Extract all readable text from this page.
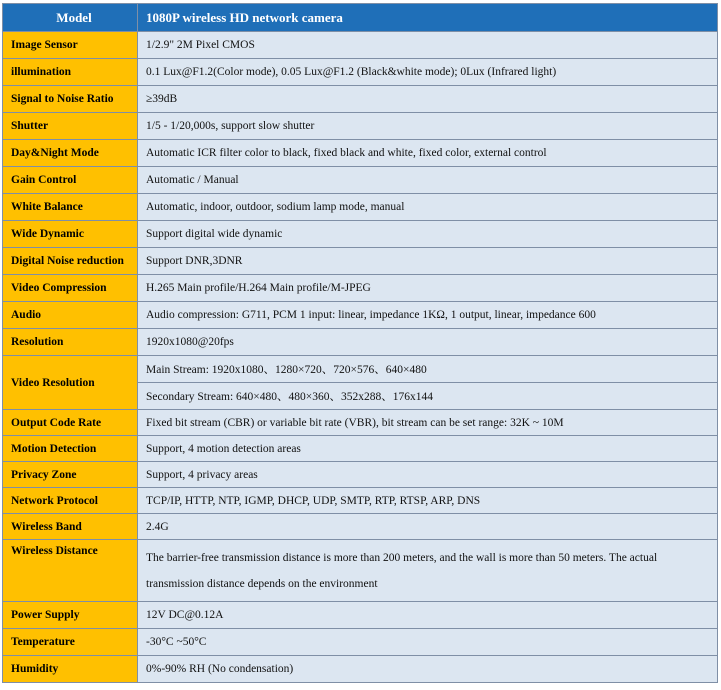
Model	1080P wireless HD network camera
Image Sensor	1/2.9" 2M Pixel CMOS
illumination	0.1 Lux@F1.2(Color mode), 0.05 Lux@F1.2 (Black&white mode); 0Lux (Infrared light)
Signal to Noise Ratio	≥39dB
Shutter	1/5 - 1/20,000s, support slow shutter
Day&Night Mode	Automatic ICR filter color to black, fixed black and white, fixed color, external control
Gain Control	Automatic / Manual
White Balance	Automatic, indoor, outdoor, sodium lamp mode, manual
Wide Dynamic	Support digital wide dynamic
Digital Noise reduction	Support DNR,3DNR
Video Compression	H.265 Main profile/H.264 Main profile/M-JPEG
Audio	Audio compression: G711, PCM 1 input: linear, impedance 1KΩ, 1 output, linear, impedance 600
Resolution	1920x1080@20fps
Video Resolution	Main Stream: 1920x1080、1280×720、720×576、640×480
	Secondary Stream: 640×480、480×360、352x288、176x144
Output Code Rate	Fixed bit stream (CBR) or variable bit rate (VBR), bit stream can be set range: 32K ~ 10M
Motion Detection	Support, 4 motion detection areas
Privacy Zone	Support, 4 privacy areas
Network Protocol	TCP/IP, HTTP, NTP, IGMP, DHCP, UDP, SMTP, RTP, RTSP, ARP, DNS
Wireless Band	2.4G
Wireless Distance	The barrier-free transmission distance is more than 200 meters, and the wall is more than 50 meters. The actual transmission distance depends on the environment
Power Supply	12V DC@0.12A
Temperature	-30°C ~50°C
Humidity	0%-90% RH (No condensation)
